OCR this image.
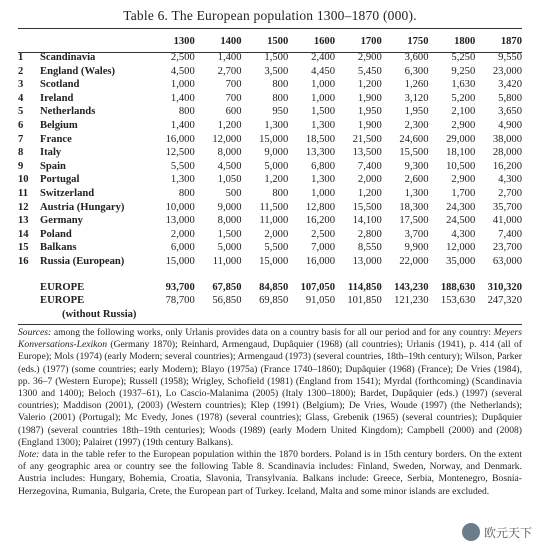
Table 6. The European population 1300–1870 (000).
		1300	1400	1500	1600	1700	1750	1800	1870
1	Scandinavia	2,500	1,400	1,500	2,400	2,900	3,600	5,250	9,550
2	England (Wales)	4,500	2,700	3,500	4,450	5,450	6,300	9,250	23,000
3	Scotland	1,000	700	800	1,000	1,200	1,260	1,630	3,420
4	Ireland	1,400	700	800	1,000	1,900	3,120	5,200	5,800
5	Netherlands	800	600	950	1,500	1,950	1,950	2,100	3,650
6	Belgium	1,400	1,200	1,300	1,300	1,900	2,300	2,900	4,900
7	France	16,000	12,000	15,000	18,500	21,500	24,600	29,000	38,000
8	Italy	12,500	8,000	9,000	13,300	13,500	15,500	18,100	28,000
9	Spain	5,500	4,500	5,000	6,800	7,400	9,300	10,500	16,200
10	Portugal	1,300	1,050	1,200	1,300	2,000	2,600	2,900	4,300
11	Switzerland	800	500	800	1,000	1,200	1,300	1,700	2,700
12	Austria (Hungary)	10,000	9,000	11,500	12,800	15,500	18,300	24,300	35,700
13	Germany	13,000	8,000	11,000	16,200	14,100	17,500	24,500	41,000
14	Poland	2,000	1,500	2,000	2,500	2,800	3,700	4,300	7,400
15	Balkans	6,000	5,000	5,500	7,000	8,550	9,900	12,000	23,700
16	Russia (European)	15,000	11,000	15,000	16,000	13,000	22,000	35,000	63,000

	EUROPE	93,700	67,850	84,850	107,050	114,850	143,230	188,630	310,320
	EUROPE
(without Russia)	78,700	56,850	69,850	91,050	101,850	121,230	153,630	247,320

Sources: among the following works, only Urlanis provides data on a country basis for all our period and for any country: Meyers Konversations-Lexikon (Germany 1870); Reinhard, Armengaud, Dupâquier (1968) (all countries); Urlanis (1941), p. 414 (all of Europe); Mols (1974) (early Modern; several countries); Armengaud (1973) (several countries, 18th–19th century); Wilson, Parker (eds.) (1977) (some countries; early Modern); Blayo (1975a) (France 1740–1860); Dupâquier (1968) (France); De Vries (1984), pp. 36–7 (Western Europe); Russell (1958); Wrigley, Schofield (1981) (England from 1541); Myrdal (forthcoming) (Scandinavia 1300 and 1400); Beloch (1937–61), Lo Cascio-Malanima (2005) (Italy 1300–1800); Bardet, Dupâquier (eds.) (1997) (several countries); Maddison (2001), (2003) (Western countries); Klep (1991) (Belgium); De Vries, Woude (1997) (the Netherlands); Valerio (2001) (Portugal); Mc Evedy, Jones (1978) (several countries); Glass, Grebenik (1965) (several countries); Dupâquier (1987) (several countries 18th–19th centuries); Woods (1989) (early Modern United Kingdom); Campbell (2000) and (2008) (England 1300); Palairet (1997) (19th century Balkans).

Note: data in the table refer to the European population within the 1870 borders. Poland is in 15th century borders. On the extent of any geographic area or country see the following Table 8. Scandinavia includes: Finland, Sweden, Norway, and Denmark. Austria includes: Hungary, Bohemia, Croatia, Slavonia, Transylvania. Balkans include: Greece, Serbia, Montenegro, Bosnia-Herzegovina, Rumania, Bulgaria, Crete, the European part of Turkey. Iceland, Malta and some minor islands are excluded.

欧元天下
